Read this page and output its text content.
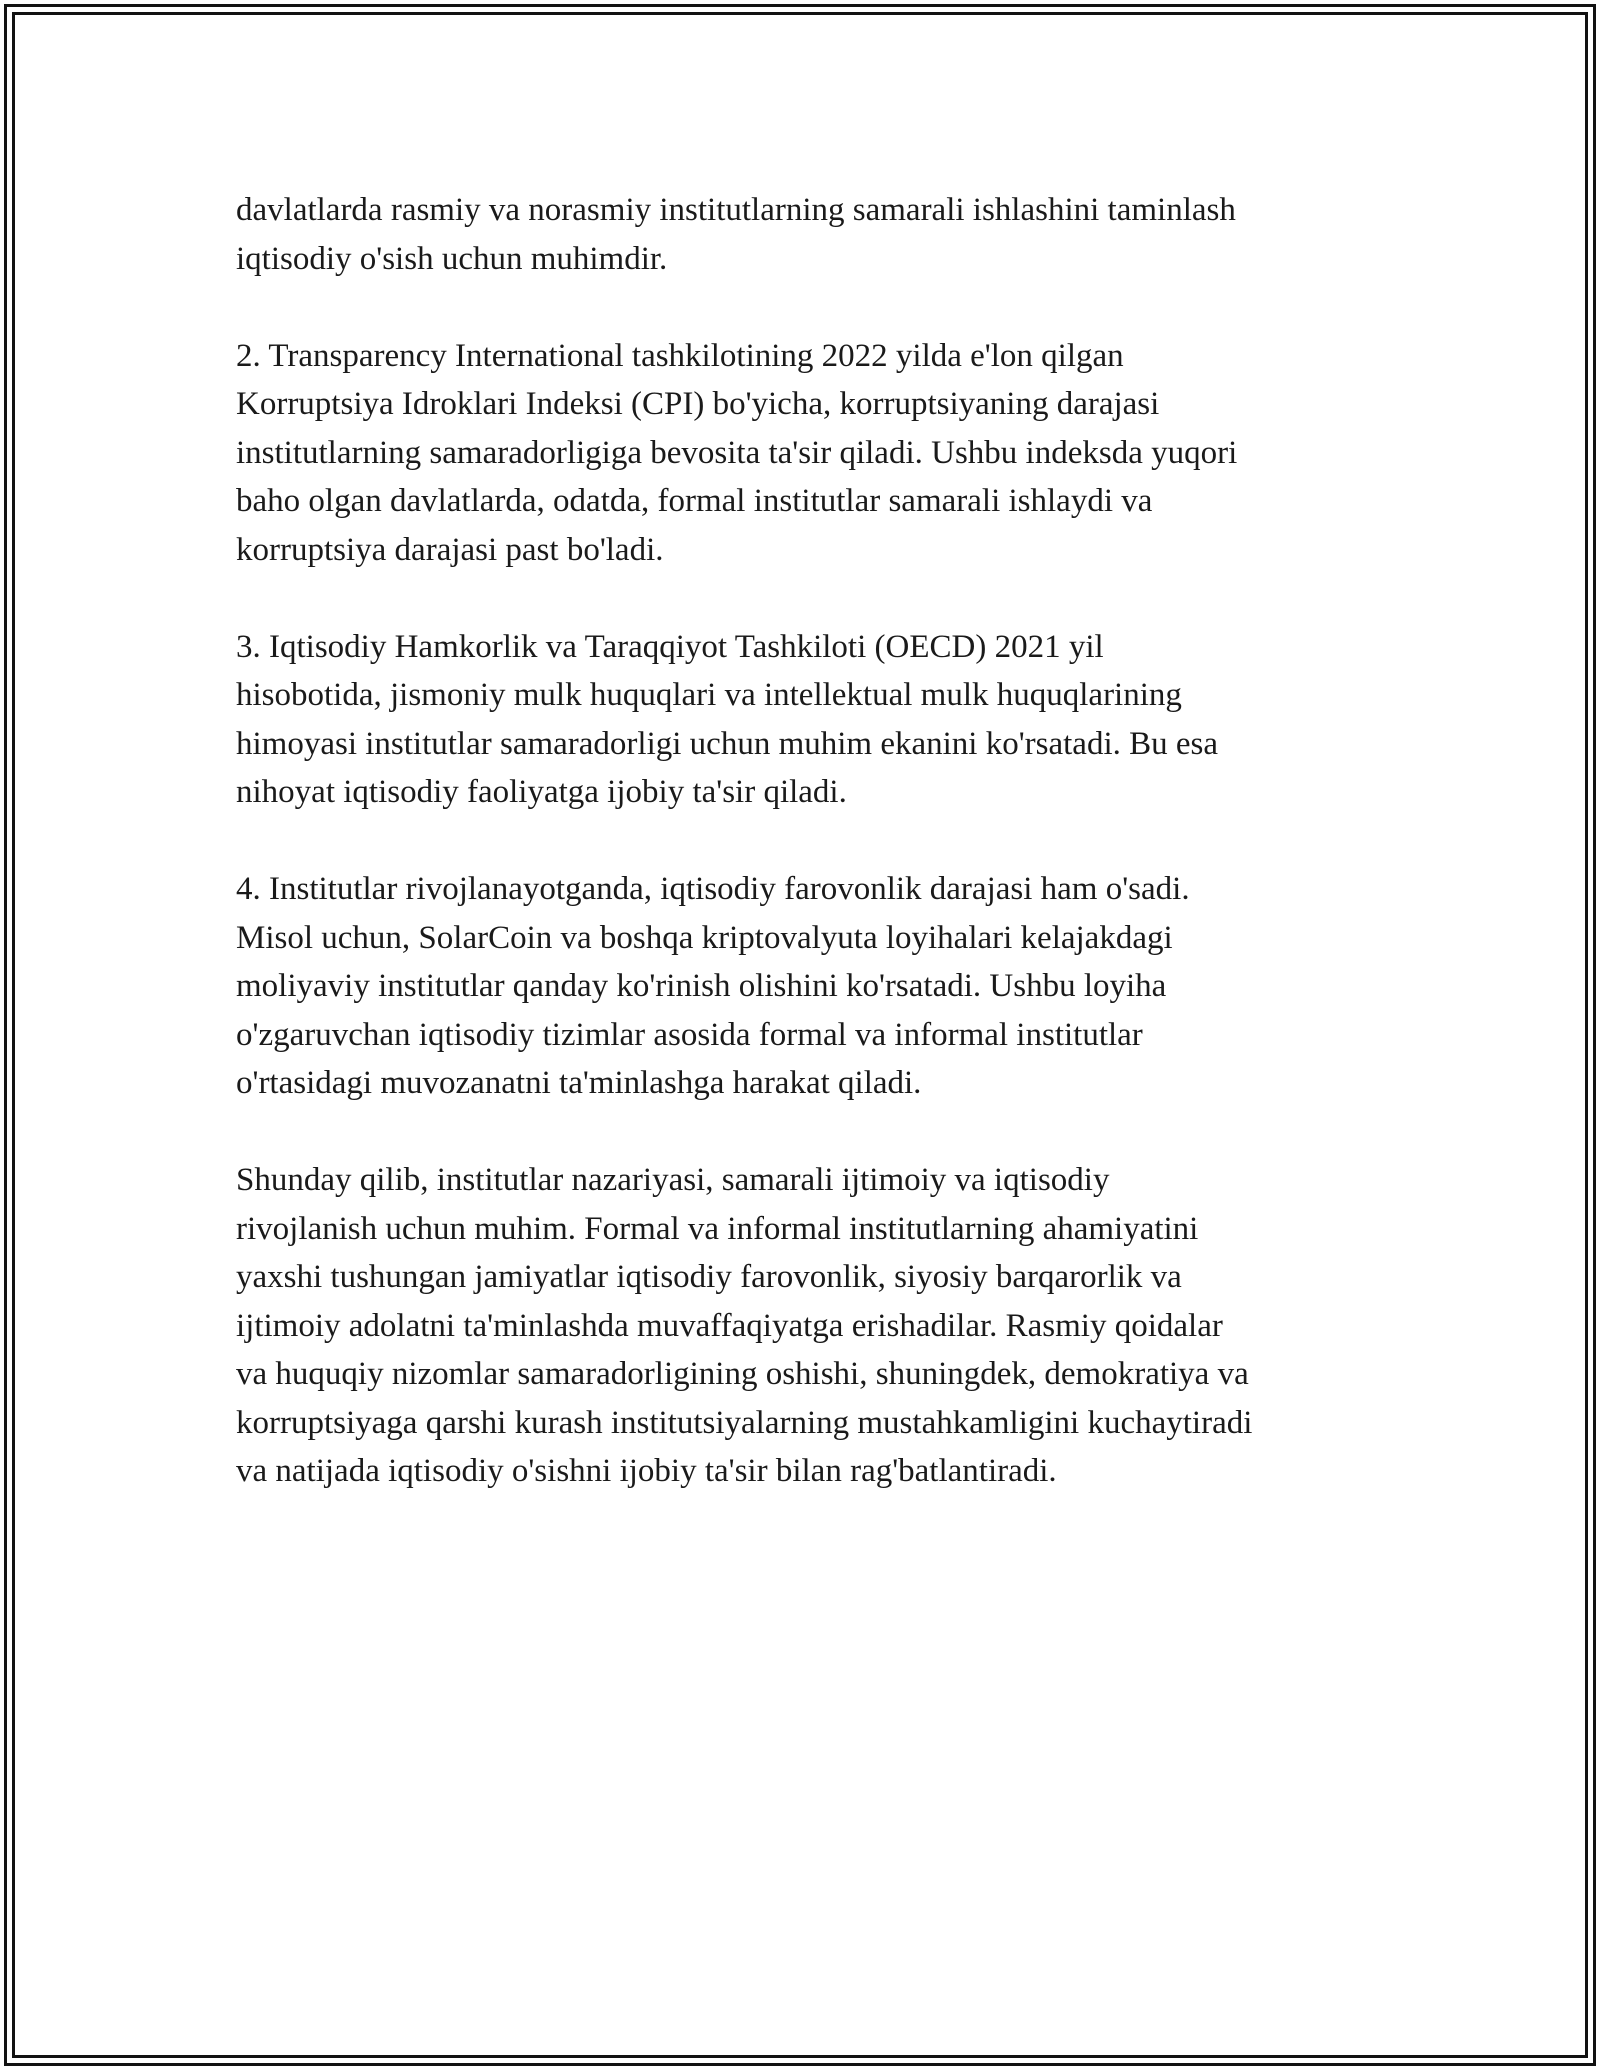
davlatlarda rasmiy va norasmiy institutlarning samarali ishlashini taminlash
iqtisodiy o'sish uchun muhimdir.

2. Transparency International tashkilotining 2022 yilda e'lon qilgan
Korruptsiya Idroklari Indeksi (CPI) bo'yicha, korruptsiyaning darajasi
institutlarning samaradorligiga bevosita ta'sir qiladi. Ushbu indeksda yuqori
baho olgan davlatlarda, odatda, formal institutlar samarali ishlaydi va
korruptsiya darajasi past bo'ladi.

3. Iqtisodiy Hamkorlik va Taraqqiyot Tashkiloti (OECD) 2021 yil
hisobotida, jismoniy mulk huquqlari va intellektual mulk huquqlarining
himoyasi institutlar samaradorligi uchun muhim ekanini ko'rsatadi. Bu esa
nihoyat iqtisodiy faoliyatga ijobiy ta'sir qiladi.

4. Institutlar rivojlanayotganda, iqtisodiy farovonlik darajasi ham o'sadi.
Misol uchun, SolarCoin va boshqa kriptovalyuta loyihalari kelajakdagi
moliyaviy institutlar qanday ko'rinish olishini ko'rsatadi. Ushbu loyiha
o'zgaruvchan iqtisodiy tizimlar asosida formal va informal institutlar
o'rtasidagi muvozanatni ta'minlashga harakat qiladi.

Shunday qilib, institutlar nazariyasi, samarali ijtimoiy va iqtisodiy
rivojlanish uchun muhim. Formal va informal institutlarning ahamiyatini
yaxshi tushungan jamiyatlar iqtisodiy farovonlik, siyosiy barqarorlik va
ijtimoiy adolatni ta'minlashda muvaffaqiyatga erishadilar. Rasmiy qoidalar
va huquqiy nizomlar samaradorligining oshishi, shuningdek, demokratiya va
korruptsiyaga qarshi kurash institutsiyalarning mustahkamligini kuchaytiradi
va natijada iqtisodiy o'sishni ijobiy ta'sir bilan rag'batlantiradi.
